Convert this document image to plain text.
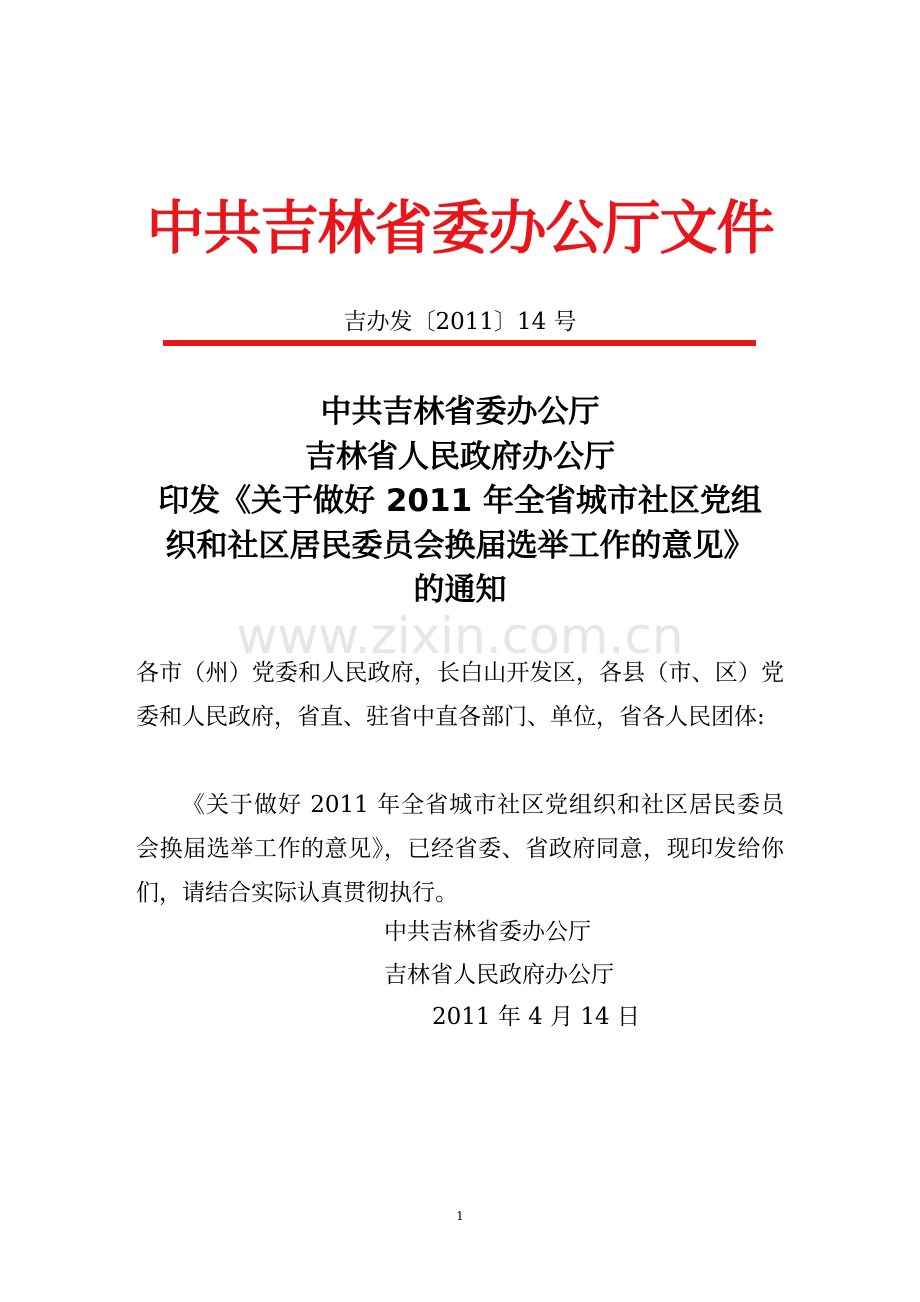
中共吉林省委办公厅文件
吉办发〔2011〕14 号
中共吉林省委办公厅
吉林省人民政府办公厅
印发《关于做好 2011 年全省城市社区党组
织和社区居民委员会换届选举工作的意见》
的通知
www.zixin.com.cn
各市（州）党委和人民政府，长白山开发区，各县（市、区）党委和人民政府，省直、驻省中直各部门、单位，省各人民团体:
《关于做好 2011 年全省城市社区党组织和社区居民委员会换届选举工作的意见》，已经省委、省政府同意，现印发给你们，请结合实际认真贯彻执行。
中共吉林省委办公厅
吉林省人民政府办公厅
2011 年 4 月 14 日
1
